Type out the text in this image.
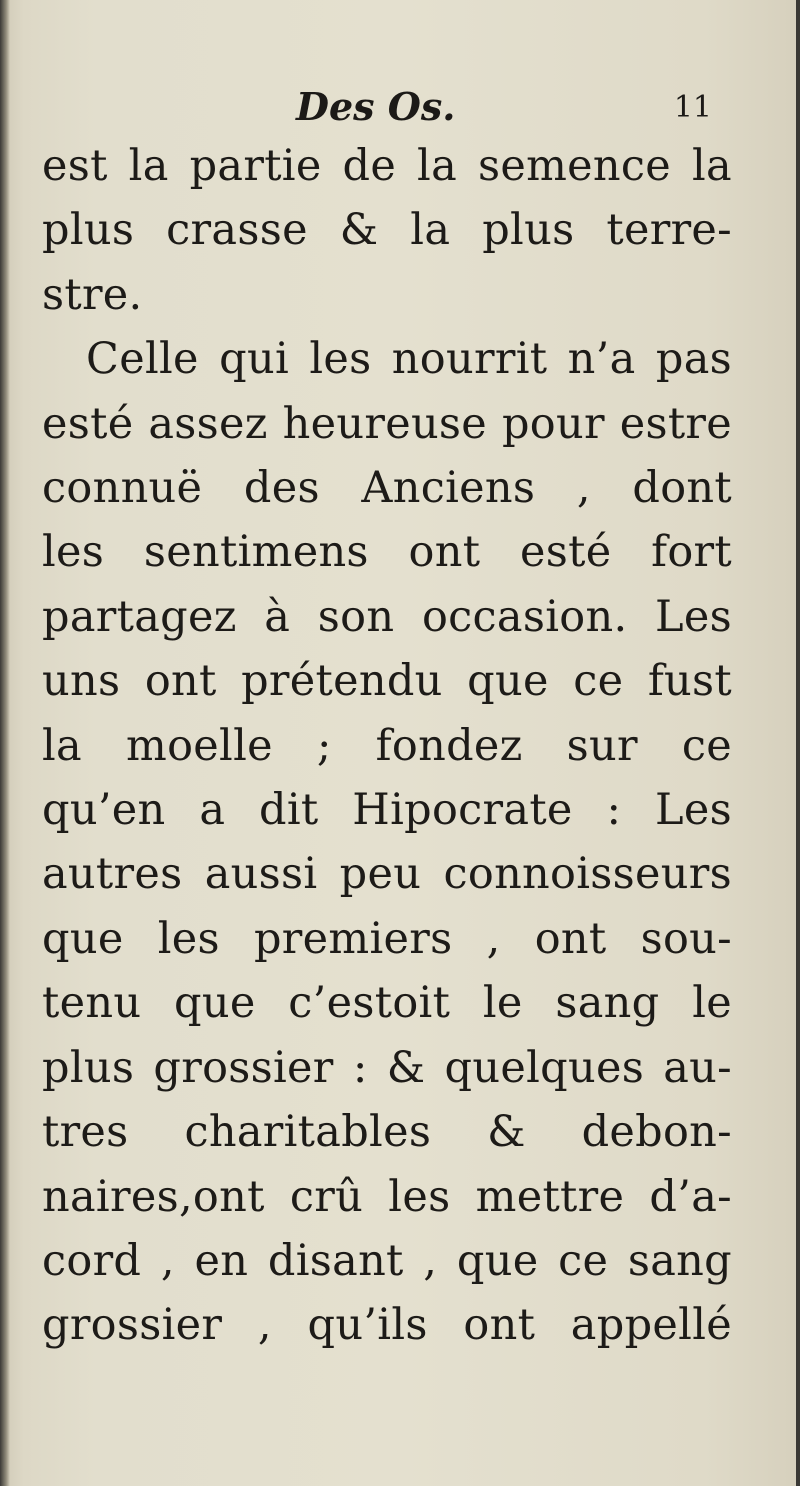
Des Os.	11
est la partie de la semence la
plus crasse & la plus terre-
stre.
Celle qui les nourrit n’a pas
esté assez heureuse pour estre
connuë des Anciens , dont
les sentimens ont esté fort
partagez à son occasion. Les
uns ont prétendu que ce fust
la moelle ; fondez sur ce
qu’en a dit Hipocrate : Les
autres aussi peu connoisseurs
que les premiers , ont sou-
tenu que c’estoit le sang le
plus grossier : & quelques au-
tres charitables & debon-
naires,ont crû les mettre d’a-
cord , en disant , que ce sang
grossier , qu’ils ont appellé
